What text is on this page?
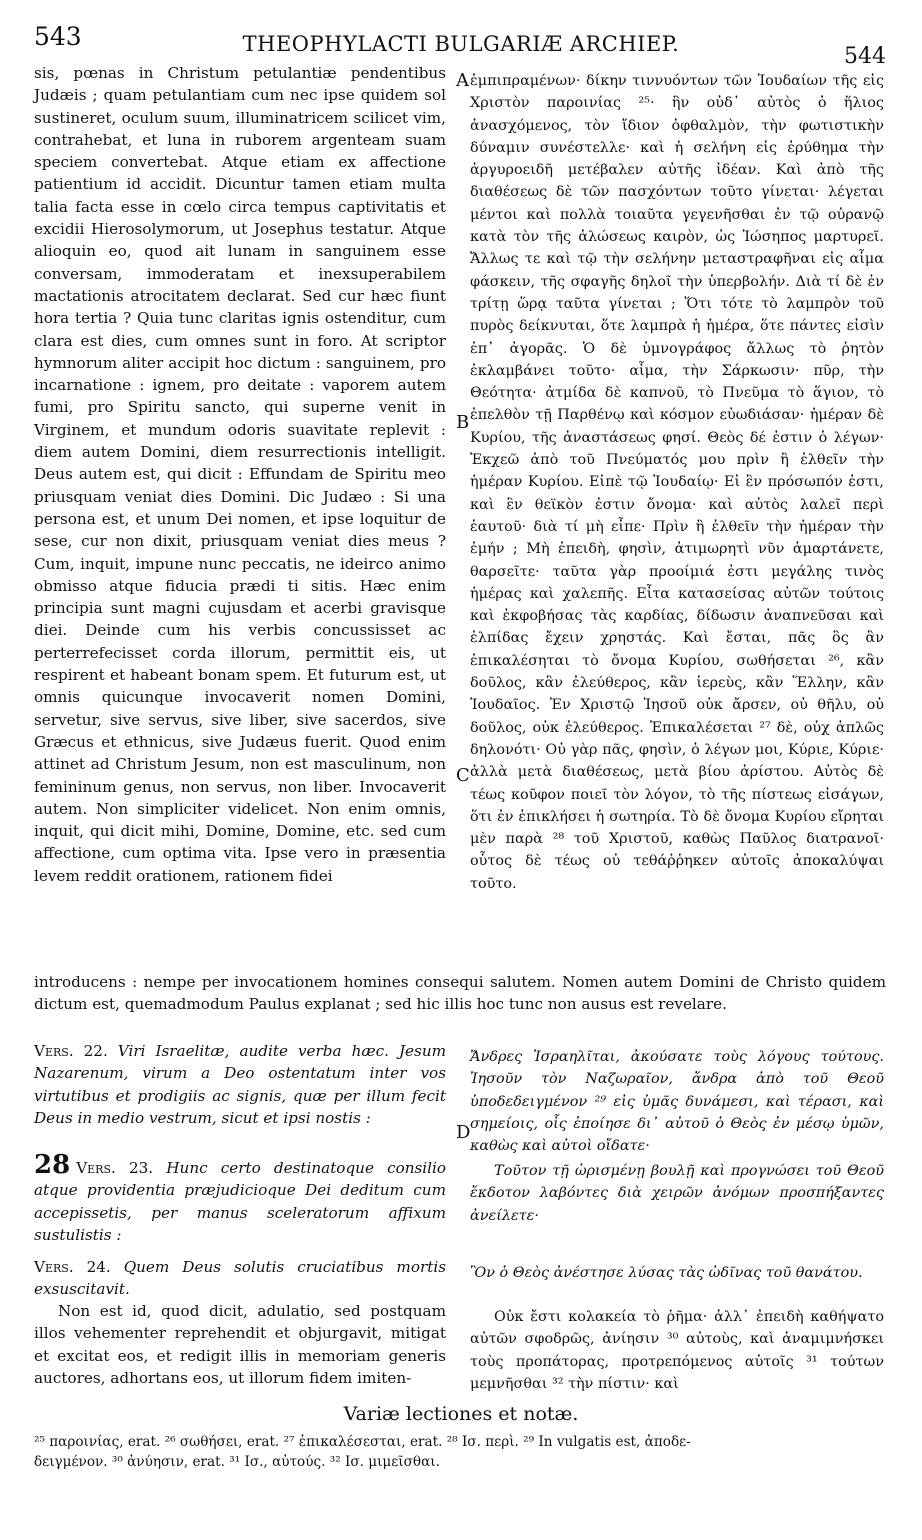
543	THEOPHYLACTI BULGARIÆ ARCHIEP.	544
A
B
C
D

sis, pœnas in Christum petulantiæ pendentibus Judæis ; quam petulantiam cum nec ipse quidem sol sustineret, oculum suum, illuminatricem scilicet vim, contrahebat, et luna in ruborem argenteam suam speciem convertebat. Atque etiam ex affectione patientium id accidit. Dicuntur tamen etiam multa talia facta esse in cœlo circa tempus captivitatis et excidii Hierosolymorum, ut Josephus testatur. Atque alioquin eo, quod ait lunam in sanguinem esse conversam, immoderatam et inexsuperabilem mactationis atrocitatem declarat. Sed cur hæc fiunt hora tertia ? Quia tunc claritas ignis ostenditur, cum clara est dies, cum omnes sunt in foro. At scriptor hymnorum aliter accipit hoc dictum : sanguinem, pro incarnatione : ignem, pro deitate : vaporem autem fumi, pro Spiritu sancto, qui superne venit in Virginem, et mundum odoris suavitate replevit : diem autem Domini, diem resurrectionis intelligit. Deus autem est, qui dicit : Effundam de Spiritu meo priusquam veniat dies Domini. Dic Judæo : Si una persona est, et unum Dei nomen, et ipse loquitur de sese, cur non dixit, priusquam veniat dies meus ? Cum, inquit, impune nunc peccatis, ne ideirco animo obmisso atque fiducia prædi ti sitis. Hæc enim principia sunt magni cujusdam et acerbi gravisque diei. Deinde cum his verbis concussisset ac perterrefecisset corda illorum, permittit eis, ut respirent et habeant bonam spem. Et futurum est, ut omnis quicunque invocaverit nomen Domini, servetur, sive servus, sive liber, sive sacerdos, sive Græcus et ethnicus, sive Judæus fuerit. Quod enim attinet ad Christum Jesum, non est masculinum, non femininum genus, non servus, non liber. Invocaverit autem. Non simpliciter videlicet. Non enim omnis, inquit, qui dicit mihi, Domine, Domine, etc. sed cum affectione, cum optima vita. Ipse vero in præsentia levem reddit orationem, rationem fidei

ἐμπιπραμένων· δίκην τιννυόντων τῶν Ἰουδαίων τῆς εἰς Χριστὸν παροινίας ²⁵· ἣν οὐδ᾽ αὐτὸς ὁ ἥλιος ἀνασχόμενος, τὸν ἴδιον ὀφθαλμὸν, τὴν φωτιστικὴν δύναμιν συνέστελλε· καὶ ἡ σελήνη εἰς ἐρύθημα τὴν ἀργυροειδῆ μετέβαλεν αὐτῆς ἰδέαν. Καὶ ἀπὸ τῆς διαθέσεως δὲ τῶν πασχόντων τοῦτο γίνεται· λέγεται μέντοι καὶ πολλὰ τοιαῦτα γεγενῆσθαι ἐν τῷ οὐρανῷ κατὰ τὸν τῆς ἁλώσεως καιρὸν, ὡς Ἰώσηπος μαρτυρεῖ. Ἄλλως τε καὶ τῷ τὴν σελήνην μεταστραφῆναι εἰς αἷμα φάσκειν, τῆς σφαγῆς δηλοῖ τὴν ὑπερβολήν. Διὰ τί δὲ ἐν τρίτῃ ὥρᾳ ταῦτα γίνεται ; Ὅτι τότε τὸ λαμπρὸν τοῦ πυρὸς δείκνυται, ὅτε λαμπρὰ ἡ ἡμέρα, ὅτε πάντες εἰσὶν ἐπ᾽ ἀγορᾶς. Ὁ δὲ ὑμνογράφος ἄλλως τὸ ῥητὸν ἐκλαμβάνει τοῦτο· αἷμα, τὴν Σάρκωσιν· πῦρ, τὴν Θεότητα· ἀτμίδα δὲ καπνοῦ, τὸ Πνεῦμα τὸ ἅγιον, τὸ ἐπελθὸν τῇ Παρθένῳ καὶ κόσμον εὐωδιάσαν· ἡμέραν δὲ Κυρίου, τῆς ἀναστάσεως φησί. Θεὸς δέ ἐστιν ὁ λέγων· Ἐκχεῶ ἀπὸ τοῦ Πνεύματός μου πρὶν ἢ ἐλθεῖν τὴν ἡμέραν Κυρίου. Εἰπὲ τῷ Ἰουδαίῳ· Εἰ ἓν πρόσωπόν ἐστι, καὶ ἓν θεϊκὸν ἐστιν ὄνομα· καὶ αὐτὸς λαλεῖ περὶ ἑαυτοῦ· διὰ τί μὴ εἶπε· Πρὶν ἢ ἐλθεῖν τὴν ἡμέραν τὴν ἐμήν ; Μὴ ἐπειδὴ, φησὶν, ἀτιμωρητὶ νῦν ἁμαρτάνετε, θαρσεῖτε· ταῦτα γὰρ προοίμιά ἐστι μεγάλης τινὸς ἡμέρας καὶ χαλεπῆς. Εἶτα κατασείσας αὐτῶν τούτοις καὶ ἐκφοβήσας τὰς καρδίας, δίδωσιν ἀναπνεῦσαι καὶ ἐλπίδας ἔχειν χρηστάς. Καὶ ἔσται, πᾶς ὃς ἂν ἐπικαλέσηται τὸ ὄνομα Κυρίου, σωθήσεται ²⁶, κἂν δοῦλος, κἂν ἐλεύθερος, κἂν ἱερεὺς, κἂν Ἕλλην, κἂν Ἰουδαῖος. Ἐν Χριστῷ Ἰησοῦ οὐκ ἄρσεν, οὐ θῆλυ, οὐ δοῦλος, οὐκ ἐλεύθερος. Ἐπικαλέσεται ²⁷ δὲ, οὐχ ἁπλῶς δηλονότι· Οὐ γὰρ πᾶς, φησὶν, ὁ λέγων μοι, Κύριε, Κύριε· ἀλλὰ μετὰ διαθέσεως, μετὰ βίου ἀρίστου. Αὐτὸς δὲ τέως κοῦφον ποιεῖ τὸν λόγον, τὸ τῆς πίστεως εἰσάγων, ὅτι ἐν ἐπικλήσει ἡ σωτηρία. Τὸ δὲ ὄνομα Κυρίου εἴρηται μὲν παρὰ ²⁸ τοῦ Χριστοῦ, καθὼς Παῦλος διατρανοῖ· οὗτος δὲ τέως οὐ τεθάῤῥηκεν αὐτοῖς ἀποκαλύψαι τοῦτο.

introducens : nempe per invocationem homines consequi salutem. Nomen autem Domini de Christo quidem dictum est, quemadmodum Paulus explanat ; sed hic illis hoc tunc non ausus est revelare.

Vers. 22. Viri Israelitæ, audite verba hæc. Jesum Nazarenum, virum a Deo ostentatum inter vos virtutibus et prodigiis ac signis, quæ per illum fecit Deus in medio vestrum, sicut et ipsi nostis :

Ἄνδρες Ἰσραηλῖται, ἀκούσατε τοὺς λόγους τούτους. Ἰησοῦν τὸν Ναζωραῖον, ἄνδρα ἀπὸ τοῦ Θεοῦ ὑποδεδειγμένον ²⁹ εἰς ὑμᾶς δυνάμεσι, καὶ τέρασι, καὶ σημείοις, οἷς ἐποίησε δι᾽ αὐτοῦ ὁ Θεὸς ἐν μέσῳ ὑμῶν, καθὼς καὶ αὐτοὶ οἴδατε·

28 Vers. 23. Hunc certo destinatoque consilio atque providentia præjudicioque Dei deditum cum accepissetis, per manus sceleratorum affixum sustulistis :

Τοῦτον τῇ ὡρισμένῃ βουλῇ καὶ προγνώσει τοῦ Θεοῦ ἔκδοτον λαβόντες διὰ χειρῶν ἀνόμων προσπήξαντες ἀνείλετε·

Vers. 24. Quem Deus solutis cruciatibus mortis exsuscitavit.

Ὃν ὁ Θεὸς ἀνέστησε λύσας τὰς ὠδῖνας τοῦ θανάτου.

Non est id, quod dicit, adulatio, sed postquam illos vehementer reprehendit et objurgavit, mitigat et excitat eos, et redigit illis in memoriam generis auctores, adhortans eos, ut illorum fidem imiten-

Οὐκ ἔστι κολακεία τὸ ῥῆμα· ἀλλ᾽ ἐπειδὴ καθήψατο αὐτῶν σφοδρῶς, ἀνίησιν ³⁰ αὐτοὺς, καὶ ἀναμιμνήσκει τοὺς προπάτορας, προτρεπόμενος αὐτοῖς ³¹ τούτων μεμνῆσθαι ³² τὴν πίστιν· καὶ

Variæ lectiones et notæ.

²⁵ παροινίας, erat. ²⁶ σωθήσει, erat. ²⁷ ἐπικαλέσεσται, erat. ²⁸ Ισ. περὶ. ²⁹ In vulgatis est, ἀποδε-

δειγμένον. ³⁰ ἀνύησιν, erat. ³¹ Ισ., αὐτούς. ³² Ισ. μιμεῖσθαι.
